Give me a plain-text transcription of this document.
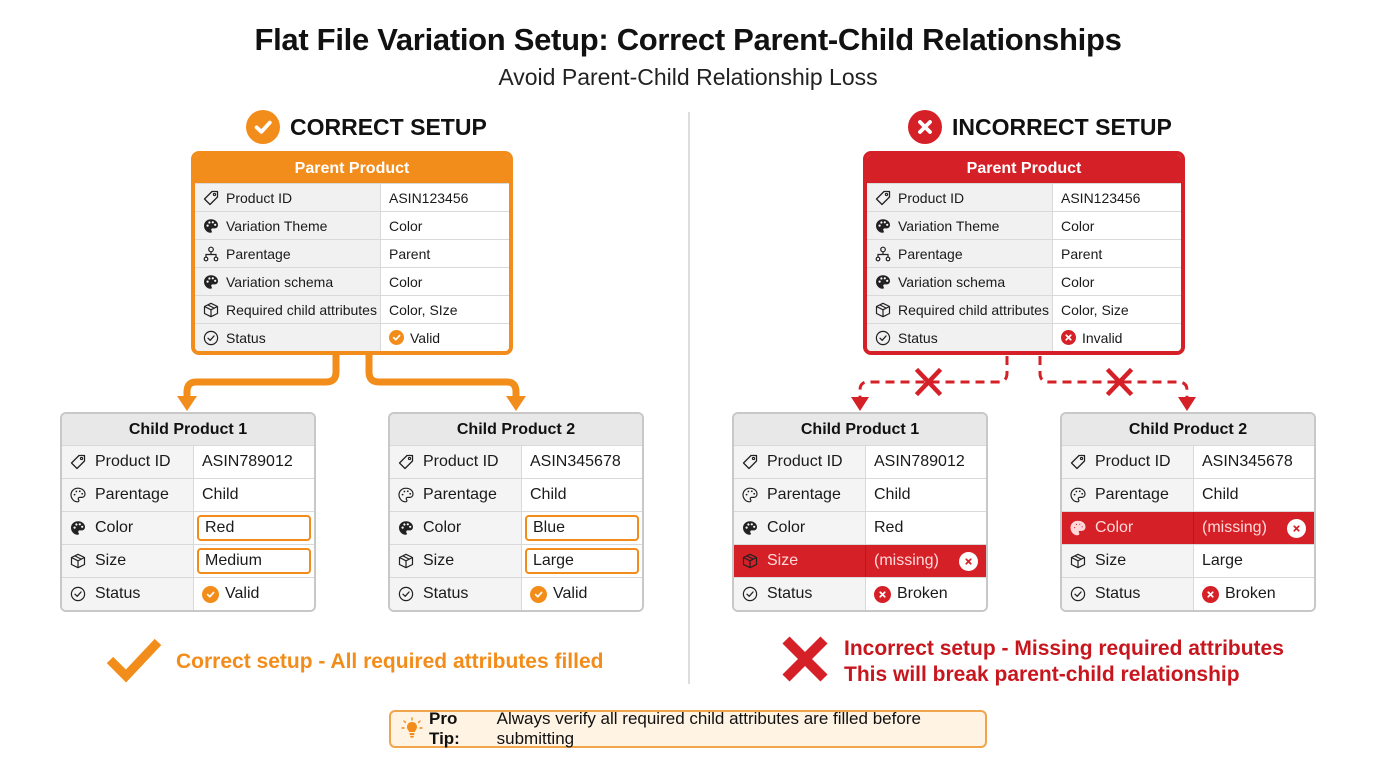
Flat File Variation Setup: Correct Parent-Child Relationships
Avoid Parent-Child Relationship Loss
CORRECT SETUP
Parent Product
Product ID	ASIN123456
Variation Theme	Color
Parentage	Parent
Variation schema	Color
Required child attributes Color, SIze
Status	Valid
Child Product 1
Product ID ASIN789012
Parentage Child
Color	Red
Size	Medium
Status	Valid
Child Product 2
Product ID ASIN345678
Parentage Child
Color	Blue
Size	Large
Status	Valid
Correct setup - All required attributes filled
INCORRECT SETUP
Parent Product
Product ID	ASIN123456
Variation Theme	Color
Parentage	Parent
Variation schema	Color
Required child attributes Color, Size
Status	Invalid
Child Product 1
Product ID ASIN789012
Parentage Child
Color	Red
Size	(missing)
Status	Broken
Child Product 2
Product ID ASIN345678
Parentage Child
Color	(missing)
Size	Large
Status	Broken
Incorrect setup - Missing required attributes
This will break parent-child relationship
Pro Tip:
Always verify all required child attributes are filled before submitting
